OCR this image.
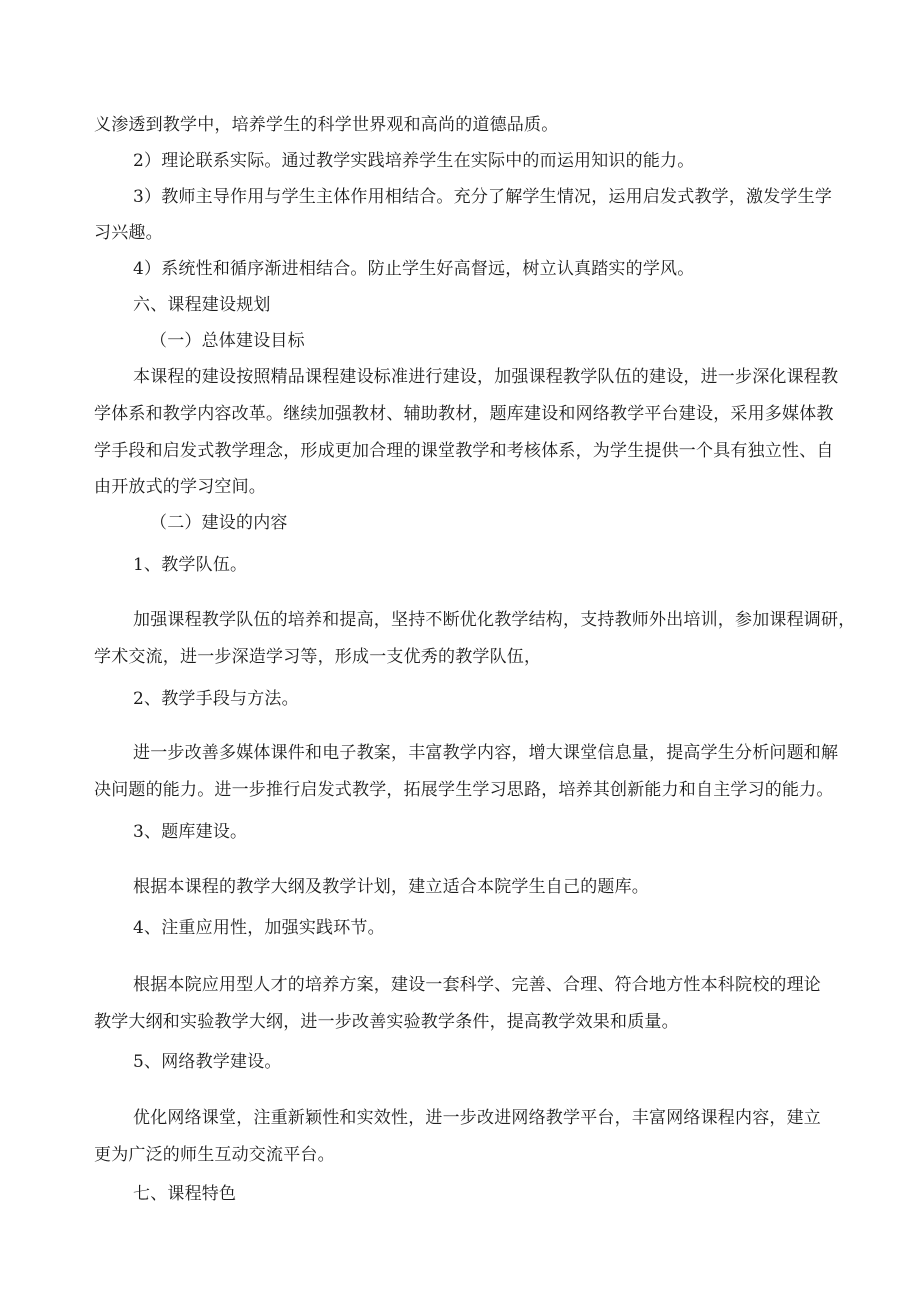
义渗透到教学中，培养学生的科学世界观和高尚的道德品质。
2）理论联系实际。通过教学实践培养学生在实际中的而运用知识的能力。
3）教师主导作用与学生主体作用相结合。充分了解学生情况，运用启发式教学，激发学生学
习兴趣。
4）系统性和循序渐进相结合。防止学生好高督远，树立认真踏实的学风。
六、课程建设规划
（一）总体建设目标
本课程的建设按照精品课程建设标准进行建设，加强课程教学队伍的建设，进一步深化课程教
学体系和教学内容改革。继续加强教材、辅助教材，题库建设和网络教学平台建设，采用多媒体教
学手段和启发式教学理念，形成更加合理的课堂教学和考核体系，为学生提供一个具有独立性、自
由开放式的学习空间。
（二）建设的内容
1、教学队伍。
加强课程教学队伍的培养和提高，坚持不断优化教学结构，支持教师外出培训，参加课程调研，
学术交流，进一步深造学习等，形成一支优秀的教学队伍，
2、教学手段与方法。
进一步改善多媒体课件和电子教案，丰富教学内容，增大课堂信息量，提高学生分析问题和解
决问题的能力。进一步推行启发式教学，拓展学生学习思路，培养其创新能力和自主学习的能力。
3、题库建设。
根据本课程的教学大纲及教学计划，建立适合本院学生自己的题库。
4、注重应用性，加强实践环节。
根据本院应用型人才的培养方案，建设一套科学、完善、合理、符合地方性本科院校的理论
教学大纲和实验教学大纲，进一步改善实验教学条件，提高教学效果和质量。
5、网络教学建设。
优化网络课堂，注重新颖性和实效性，进一步改进网络教学平台，丰富网络课程内容，建立
更为广泛的师生互动交流平台。
七、课程特色
